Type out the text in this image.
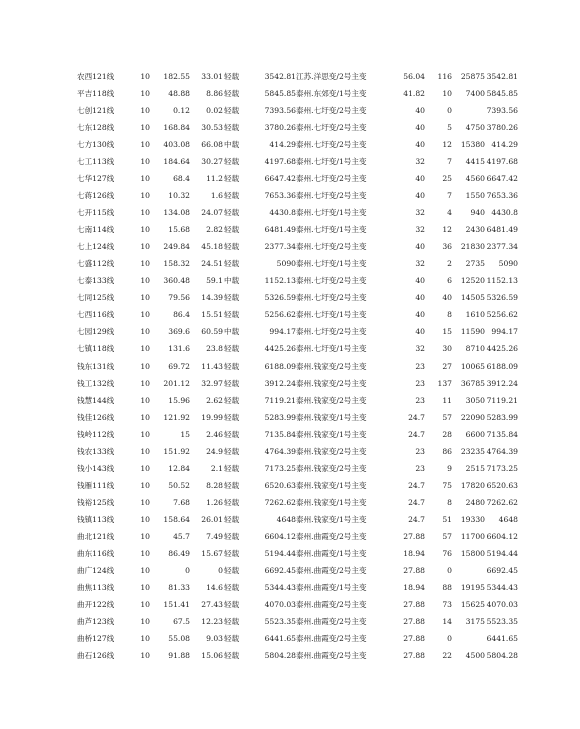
农西121线	10	182.55	33.01	轻载	3542.81	江苏.洋思变/2号主变	56.04	116	25875	3542.81	
平吉118线	10	48.88	8.86	轻载	5845.85	泰州.东郊变/1号主变	41.82	10	7400	5845.85	
七创121线	10	0.12	0.02	轻载	7393.56	泰州.七圩变/2号主变	40	0		7393.56	
七东128线	10	168.84	30.53	轻载	3780.26	泰州.七圩变/2号主变	40	5	4750	3780.26	
七方130线	10	403.08	66.08	中载	414.29	泰州.七圩变/2号主变	40	12	15380	414.29	
七工113线	10	184.64	30.27	轻载	4197.68	泰州.七圩变/1号主变	32	7	4415	4197.68	
七华127线	10	68.4	11.2	轻载	6647.42	泰州.七圩变/2号主变	40	25	4560	6647.42	
七蒋126线	10	10.32	1.6	轻载	7653.36	泰州.七圩变/2号主变	40	7	1550	7653.36	
七开115线	10	134.08	24.07	轻载	4430.8	泰州.七圩变/1号主变	32	4	940	4430.8	
七南114线	10	15.68	2.82	轻载	6481.49	泰州.七圩变/1号主变	32	12	2430	6481.49	
七上124线	10	249.84	45.18	轻载	2377.34	泰州.七圩变/2号主变	40	36	21830	2377.34	
七盛112线	10	158.32	24.51	轻载	5090	泰州.七圩变/1号主变	32	2	2735	5090	
七泰133线	10	360.48	59.1	中载	1152.13	泰州.七圩变/2号主变	40	6	12520	1152.13	
七同125线	10	79.56	14.39	轻载	5326.59	泰州.七圩变/2号主变	40	40	14505	5326.59	
七西116线	10	86.4	15.51	轻载	5256.62	泰州.七圩变/1号主变	40	8	1610	5256.62	
七园129线	10	369.6	60.59	中载	994.17	泰州.七圩变/2号主变	40	15	11590	994.17	
七镇118线	10	131.6	23.8	轻载	4425.26	泰州.七圩变/1号主变	32	30	8710	4425.26	
钱东131线	10	69.72	11.43	轻载	6188.09	泰州.钱家变/2号主变	23	27	10065	6188.09	
钱工132线	10	201.12	32.97	轻载	3912.24	泰州.钱家变/2号主变	23	137	36785	3912.24	
钱慧144线	10	15.96	2.62	轻载	7119.21	泰州.钱家变/2号主变	23	11	3050	7119.21	
钱佳126线	10	121.92	19.99	轻载	5283.99	泰州.钱家变/1号主变	24.7	57	22090	5283.99	
钱岭112线	10	15	2.46	轻载	7135.84	泰州.钱家变/1号主变	24.7	28	6600	7135.84	
钱农133线	10	151.92	24.9	轻载	4764.39	泰州.钱家变/2号主变	23	86	23235	4764.39	
钱小143线	10	12.84	2.1	轻载	7173.25	泰州.钱家变/2号主变	23	9	2515	7173.25	
钱雁111线	10	50.52	8.28	轻载	6520.63	泰州.钱家变/1号主变	24.7	75	17820	6520.63	
钱裕125线	10	7.68	1.26	轻载	7262.62	泰州.钱家变/1号主变	24.7	8	2480	7262.62	
钱镇113线	10	158.64	26.01	轻载	4648	泰州.钱家变/1号主变	24.7	51	19330	4648	
曲北121线	10	45.7	7.49	轻载	6604.12	泰州.曲霞变/2号主变	27.88	57	11700	6604.12	
曲东116线	10	86.49	15.67	轻载	5194.44	泰州.曲霞变/1号主变	18.94	76	15800	5194.44	
曲广124线	10	0	0	轻载	6692.45	泰州.曲霞变/2号主变	27.88	0		6692.45	
曲焦113线	10	81.33	14.6	轻载	5344.43	泰州.曲霞变/1号主变	18.94	88	19195	5344.43	
曲开122线	10	151.41	27.43	轻载	4070.03	泰州.曲霞变/2号主变	27.88	73	15625	4070.03	
曲芦123线	10	67.5	12.23	轻载	5523.35	泰州.曲霞变/2号主变	27.88	14	3175	5523.35	
曲桥127线	10	55.08	9.03	轻载	6441.65	泰州.曲霞变/2号主变	27.88	0		6441.65	
曲石126线	10	91.88	15.06	轻载	5804.28	泰州.曲霞变/2号主变	27.88	22	4500	5804.28	
